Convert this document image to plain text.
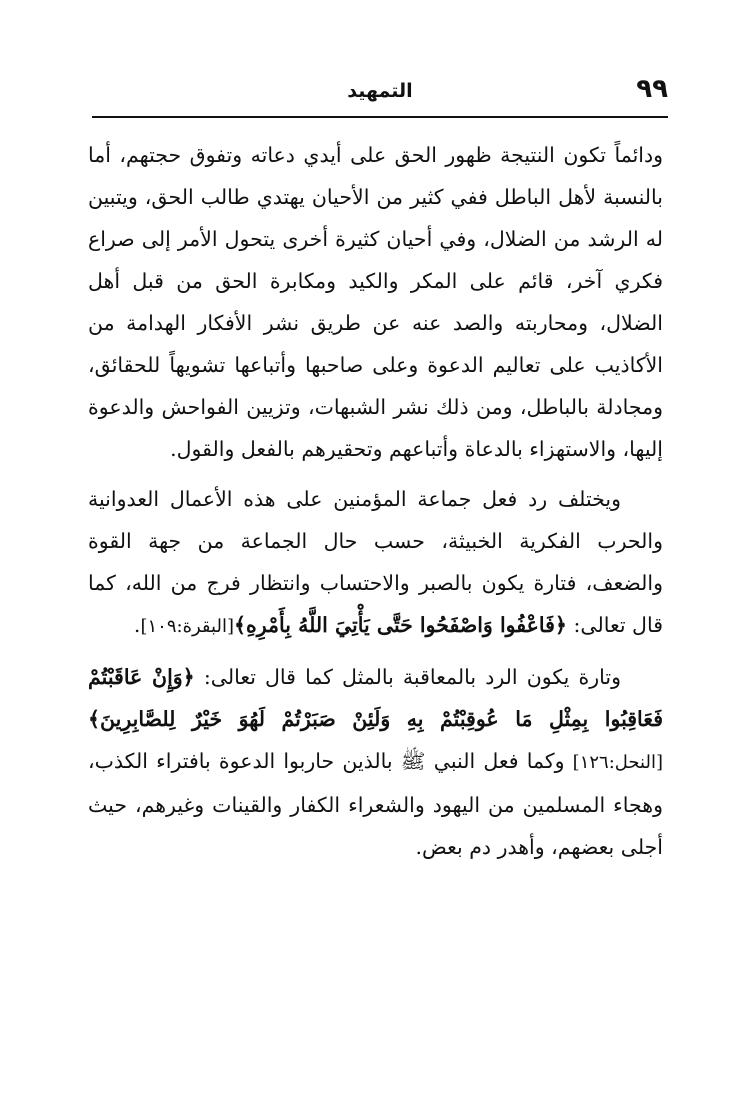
٩٩
التمهيد

ودائماً تكون النتيجة ظهور الحق على أيدي دعاته وتفوق حجتهم، أما بالنسبة لأهل الباطل ففي كثير من الأحيان يهتدي طالب الحق، ويتبين له الرشد من الضلال، وفي أحيان كثيرة أخرى يتحول الأمر إلى صراع فكري آخر، قائم على المكر والكيد ومكابرة الحق من قبل أهل الضلال، ومحاربته والصد عنه عن طريق نشر الأفكار الهدامة من الأكاذيب على تعاليم الدعوة وعلى صاحبها وأتباعها تشويهاً للحقائق، ومجادلة بالباطل، ومن ذلك نشر الشبهات، وتزيين الفواحش والدعوة إليها، والاستهزاء بالدعاة وأتباعهم وتحقيرهم بالفعل والقول.

ويختلف رد فعل جماعة المؤمنين على هذه الأعمال العدوانية والحرب الفكرية الخبيثة، حسب حال الجماعة من جهة القوة والضعف، فتارة يكون بالصبر والاحتساب وانتظار فرج من الله، كما قال تعالى: ﴿فَاعْفُوا وَاصْفَحُوا حَتَّى يَأْتِيَ اللَّهُ بِأَمْرِهِ﴾[البقرة:١٠٩].

وتارة يكون الرد بالمعاقبة بالمثل كما قال تعالى: ﴿وَإِنْ عَاقَبْتُمْ فَعَاقِبُوا بِمِثْلِ مَا عُوقِبْتُمْ بِهِ وَلَئِنْ صَبَرْتُمْ لَهُوَ خَيْرٌ لِلصَّابِرِينَ﴾[النحل:١٢٦] وكما فعل النبي ﷺ بالذين حاربوا الدعوة بافتراء الكذب، وهجاء المسلمين من اليهود والشعراء الكفار والقينات وغيرهم، حيث أجلى بعضهم، وأهدر دم بعض.
